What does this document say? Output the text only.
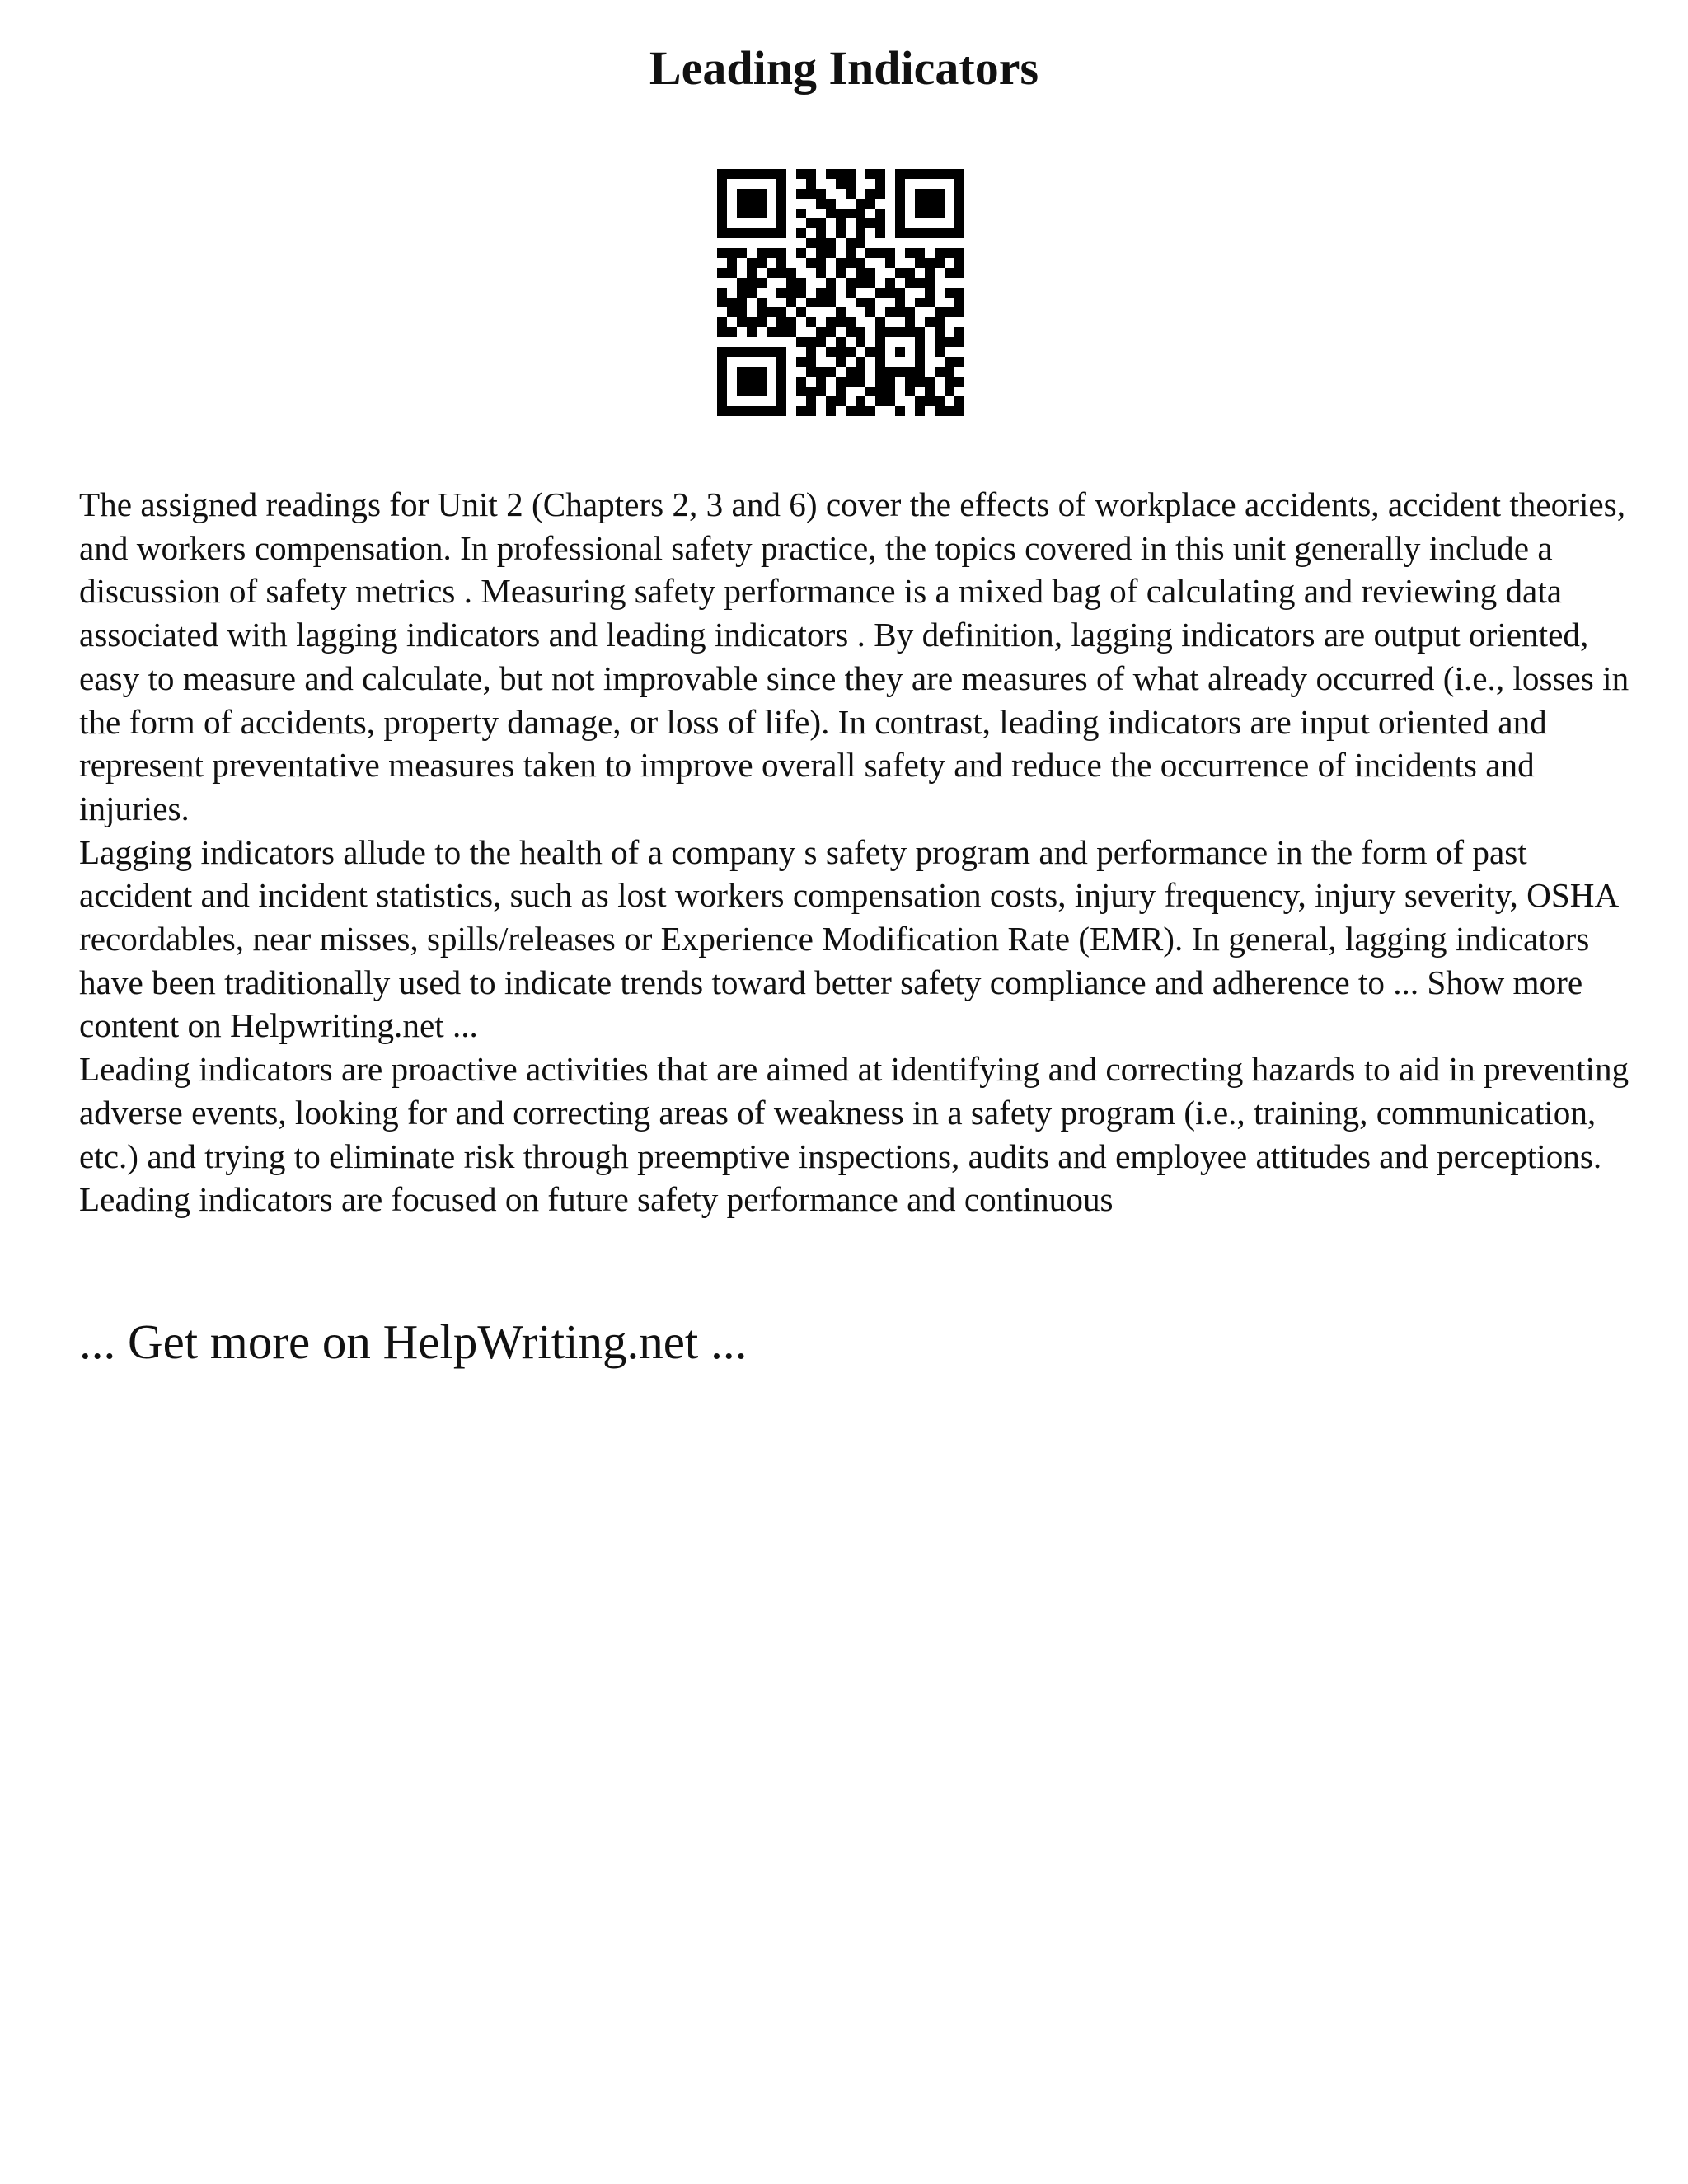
Leading Indicators

The assigned readings for Unit 2 (Chapters 2, 3 and 6) cover the effects of workplace accidents, accident theories, and workers compensation. In professional safety practice, the topics covered in this unit generally include a discussion of safety metrics . Measuring safety performance is a mixed bag of calculating and reviewing data associated with lagging indicators and leading indicators . By definition, lagging indicators are output oriented, easy to measure and calculate, but not improvable since they are measures of what already occurred (i.e., losses in the form of accidents, property damage, or loss of life). In contrast, leading indicators are input oriented and represent preventative measures taken to improve overall safety and reduce the occurrence of incidents and injuries.

Lagging indicators allude to the health of a company s safety program and performance in the form of past accident and incident statistics, such as lost workers compensation costs, injury frequency, injury severity, OSHA recordables, near misses, spills/releases or Experience Modification Rate (EMR). In general, lagging indicators have been traditionally used to indicate trends toward better safety compliance and adherence to ... Show more content on Helpwriting.net ...

Leading indicators are proactive activities that are aimed at identifying and correcting hazards to aid in preventing adverse events, looking for and correcting areas of weakness in a safety program (i.e., training, communication, etc.) and trying to eliminate risk through preemptive inspections, audits and employee attitudes and perceptions. Leading indicators are focused on future safety performance and continuous

... Get more on HelpWriting.net ...
